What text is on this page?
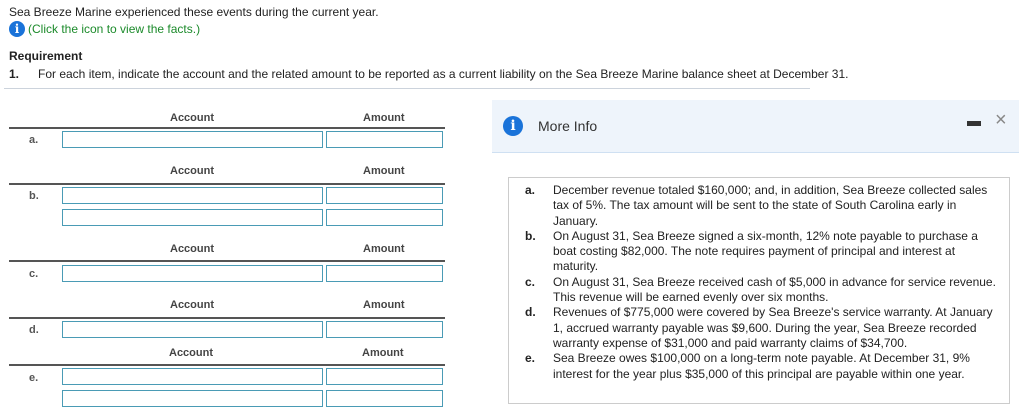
Sea Breeze Marine experienced these events during the current year.
i (Click the icon to view the facts.)
Requirement
1.	For each item, indicate the account and the related amount to be reported as a current liability on the Sea Breeze Marine balance sheet at December 31.
Account	Amount
a.
Account	Amount
b.
Account	Amount
c.
Account	Amount
d.
Account	Amount
e.
i	More Info	×
a.	December revenue totaled $160,000; and, in addition, Sea Breeze collected sales tax of 5%. The tax amount will be sent to the state of South Carolina early in January.
b.	On August 31, Sea Breeze signed a six-month, 12% note payable to purchase a boat costing $82,000. The note requires payment of principal and interest at maturity.
c.	On August 31, Sea Breeze received cash of $5,000 in advance for service revenue. This revenue will be earned evenly over six months.
d.	Revenues of $775,000 were covered by Sea Breeze's service warranty. At January 1, accrued warranty payable was $9,600. During the year, Sea Breeze recorded warranty expense of $31,000 and paid warranty claims of $34,700.
e.	Sea Breeze owes $100,000 on a long-term note payable. At December 31, 9% interest for the year plus $35,000 of this principal are payable within one year.
